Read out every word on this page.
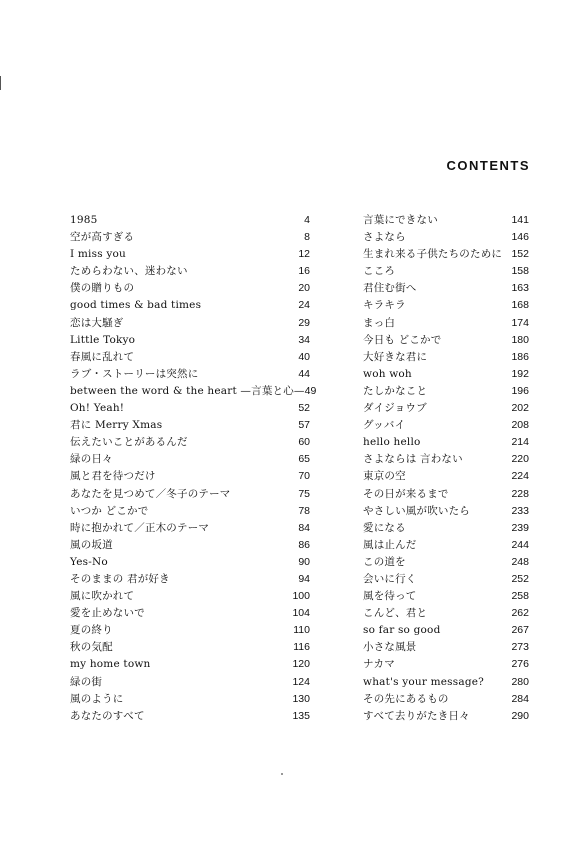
CONTENTS
1985	4
空が高すぎる	8
I miss you	12
ためらわない、迷わない	16
僕の贈りもの	20
good times & bad times	24
恋は大騒ぎ	29
Little Tokyo	34
春風に乱れて	40
ラブ・ストーリーは突然に	44
between the word & the heart —言葉と心— 49
Oh! Yeah!	52
君に Merry Xmas	57
伝えたいことがあるんだ	60
緑の日々	65
風と君を待つだけ	70
あなたを見つめて／冬子のテーマ	75
いつか どこかで	78
時に抱かれて／正木のテーマ	84
風の坂道	86
Yes-No	90
そのままの 君が好き	94
風に吹かれて	100
愛を止めないで	104
夏の終り	110
秋の気配	116
my home town	120
緑の街	124
風のように	130
あなたのすべて	135
言葉にできない	141
さよなら	146
生まれ来る子供たちのために 152
こころ	158
君住む街へ	163
キラキラ	168
まっ白	174
今日も どこかで	180
大好きな君に	186
woh woh	192
たしかなこと	196
ダイジョウブ	202
グッバイ	208
hello hello	214
さよならは 言わない	220
東京の空	224
その日が来るまで	228
やさしい風が吹いたら	233
愛になる	239
風は止んだ	244
この道を	248
会いに行く	252
風を待って	258
こんど、君と	262
so far so good	267
小さな風景	273
ナカマ	276
what's your message?	280
その先にあるもの	284
すべて去りがたき日々	290
